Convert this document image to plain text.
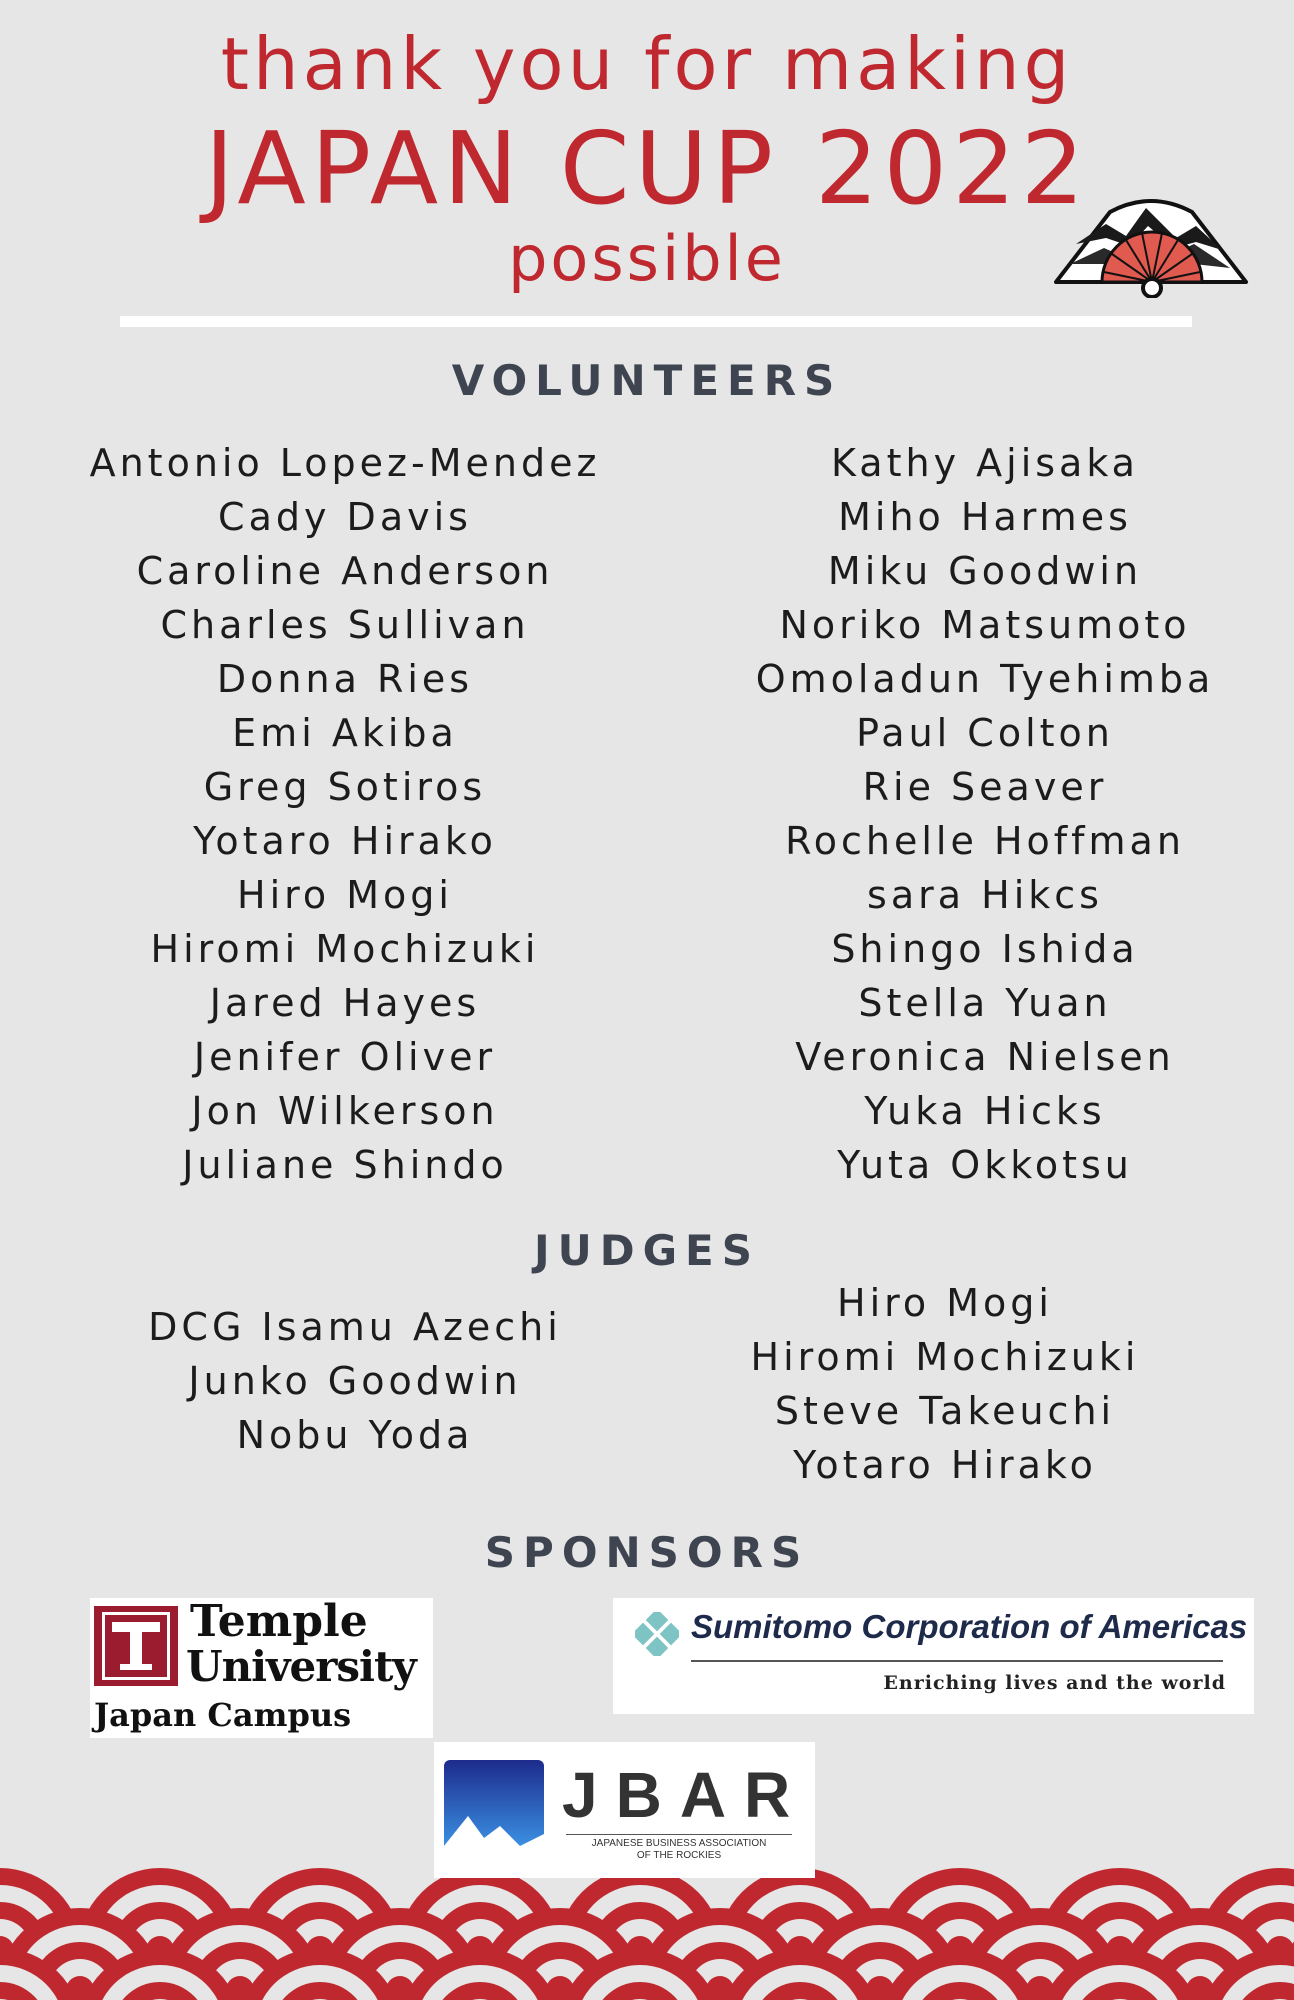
thank you for making
JAPAN CUP 2022
possible
VOLUNTEERS
Antonio Lopez-Mendez
Cady Davis
Caroline Anderson
Charles Sullivan
Donna Ries
Emi Akiba
Greg Sotiros
Yotaro Hirako
Hiro Mogi
Hiromi Mochizuki
Jared Hayes
Jenifer Oliver
Jon Wilkerson
Juliane Shindo
Kathy Ajisaka
Miho Harmes
Miku Goodwin
Noriko Matsumoto
Omoladun Tyehimba
Paul Colton
Rie Seaver
Rochelle Hoffman
sara Hikcs
Shingo Ishida
Stella Yuan
Veronica Nielsen
Yuka Hicks
Yuta Okkotsu
JUDGES
DCG Isamu Azechi
Junko Goodwin
Nobu Yoda
Hiro Mogi
Hiromi Mochizuki
Steve Takeuchi
Yotaro Hirako
SPONSORS
Temple
University
Japan Campus
Sumitomo Corporation of Americas
Enriching lives and the world
JBAR
JAPANESE BUSINESS ASSOCIATION
OF THE ROCKIES
